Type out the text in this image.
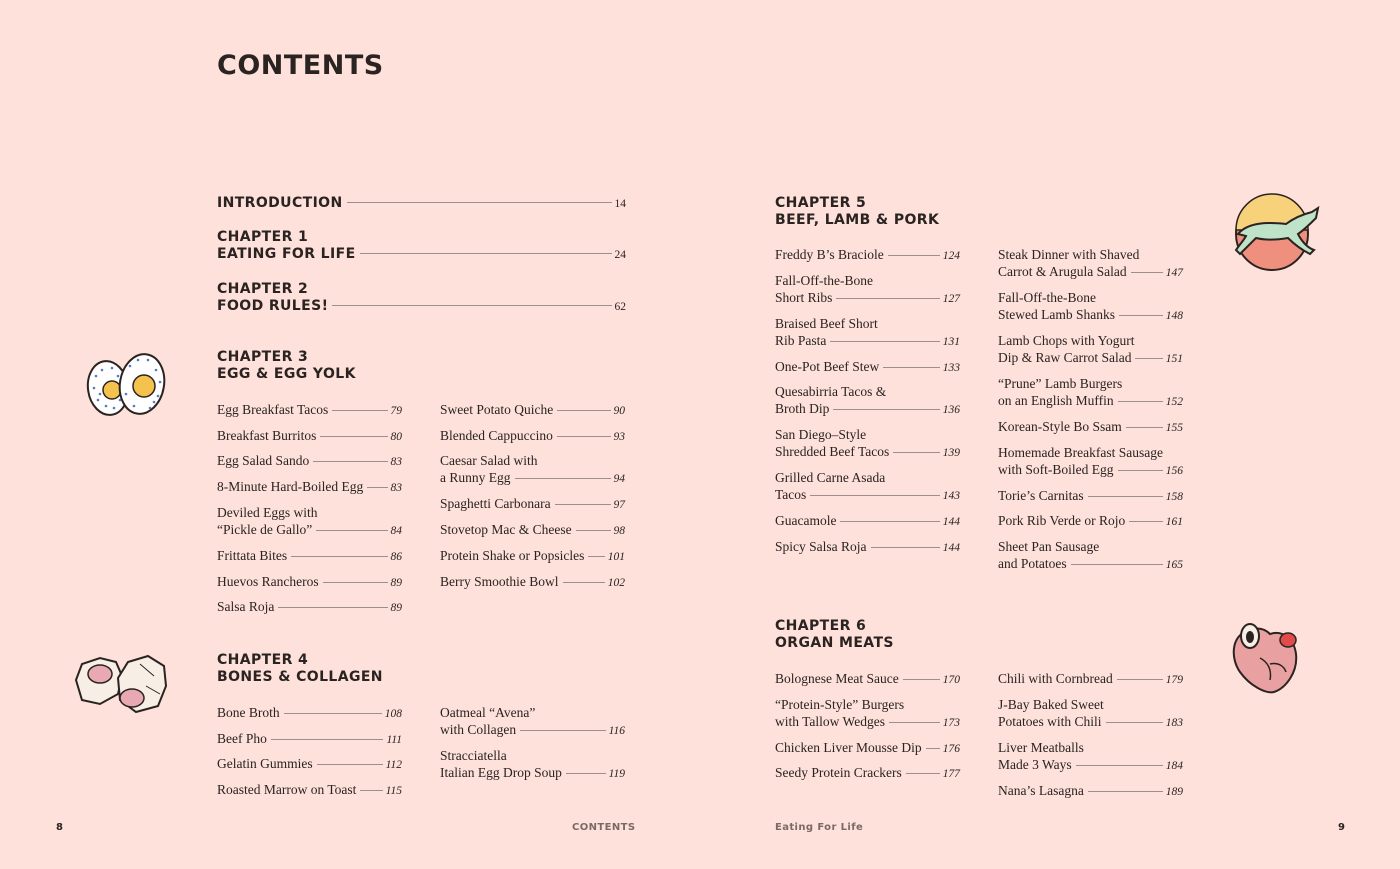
CONTENTS
INTRODUCTION	14
CHAPTER 1
EATING FOR LIFE	24
CHAPTER 2
FOOD RULES!	62
CHAPTER 3
EGG & EGG YOLK
CHAPTER 4
BONES & COLLAGEN
CHAPTER 5
BEEF, LAMB & PORK
CHAPTER 6
ORGAN MEATS
Egg Breakfast Tacos	79
Breakfast Burritos	80
Egg Salad Sando	83
8-Minute Hard-Boiled Egg 83
Deviled Eggs with
“Pickle de Gallo”	84
Frittata Bites	86
Huevos Rancheros	89
Salsa Roja	89
Sweet Potato Quiche	90
Blended Cappuccino	93
Caesar Salad with
a Runny Egg	94
Spaghetti Carbonara	97
Stovetop Mac & Cheese	98
Protein Shake or Popsicles 101
Berry Smoothie Bowl	102
Bone Broth	108
Beef Pho	111
Gelatin Gummies	112
Roasted Marrow on Toast	115
Oatmeal “Avena”
with Collagen	116
Stracciatella
Italian Egg Drop Soup	119
Freddy B’s Braciole	124
Fall-Off-the-Bone
Short Ribs	127
Braised Beef Short
Rib Pasta	131
One-Pot Beef Stew	133
Quesabirria Tacos &
Broth Dip	136
San Diego–Style
Shredded Beef Tacos	139
Grilled Carne Asada
Tacos	143
Guacamole	144
Spicy Salsa Roja	144
Steak Dinner with Shaved
Carrot & Arugula Salad	147
Fall-Off-the-Bone
Stewed Lamb Shanks	148
Lamb Chops with Yogurt
Dip & Raw Carrot Salad	151
“Prune” Lamb Burgers
on an English Muffin	152
Korean-Style Bo Ssam	155
Homemade Breakfast Sausage
with Soft-Boiled Egg	156
Torie’s Carnitas	158
Pork Rib Verde or Rojo	161
Sheet Pan Sausage
and Potatoes	165
Bolognese Meat Sauce	170
“Protein-Style” Burgers
with Tallow Wedges	173
Chicken Liver Mousse Dip 176
Seedy Protein Crackers	177
Chili with Cornbread	179
J-Bay Baked Sweet
Potatoes with Chili	183
Liver Meatballs
Made 3 Ways	184
Nana’s Lasagna	189
8	CONTENTS	Eating For Life	9
